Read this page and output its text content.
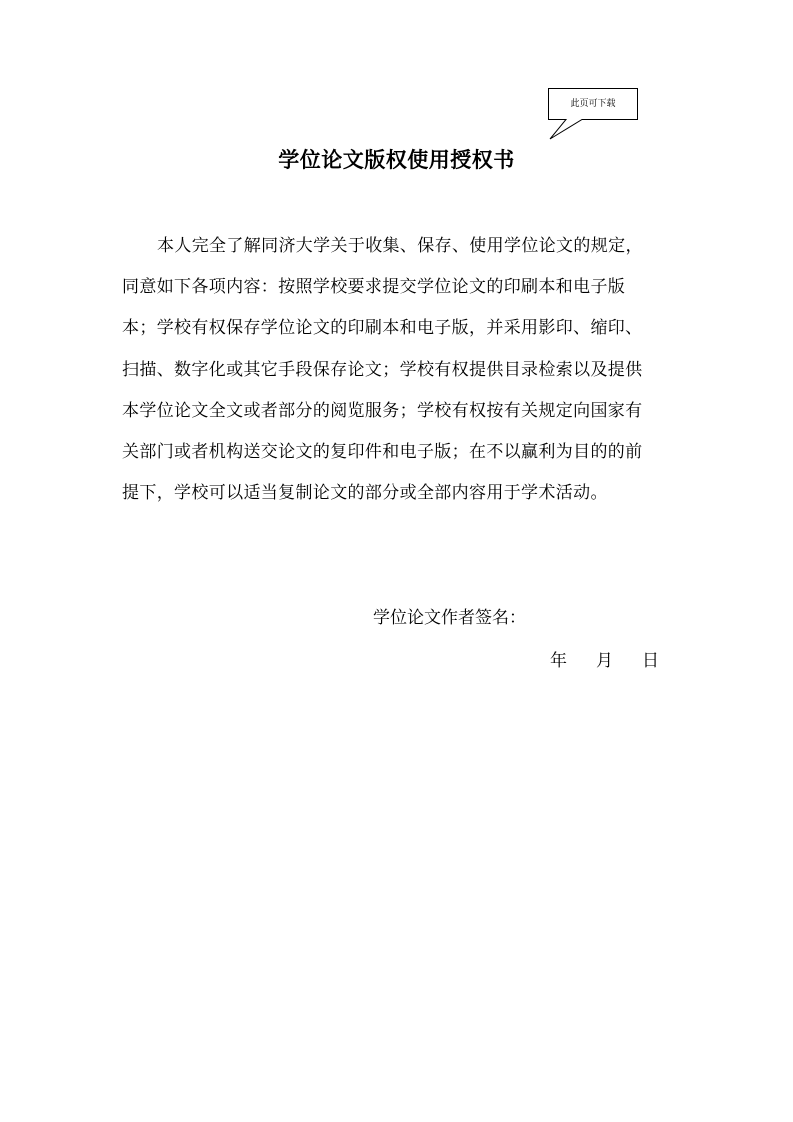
此页可下载
学位论文版权使用授权书
本人完全了解同济大学关于收集、保存、使用学位论文的规定，
同意如下各项内容：按照学校要求提交学位论文的印刷本和电子版
本；学校有权保存学位论文的印刷本和电子版，并采用影印、缩印、
扫描、数字化或其它手段保存论文；学校有权提供目录检索以及提供
本学位论文全文或者部分的阅览服务；学校有权按有关规定向国家有
关部门或者机构送交论文的复印件和电子版；在不以赢利为目的的前
提下，学校可以适当复制论文的部分或全部内容用于学术活动。
学位论文作者签名：
年	月	日
